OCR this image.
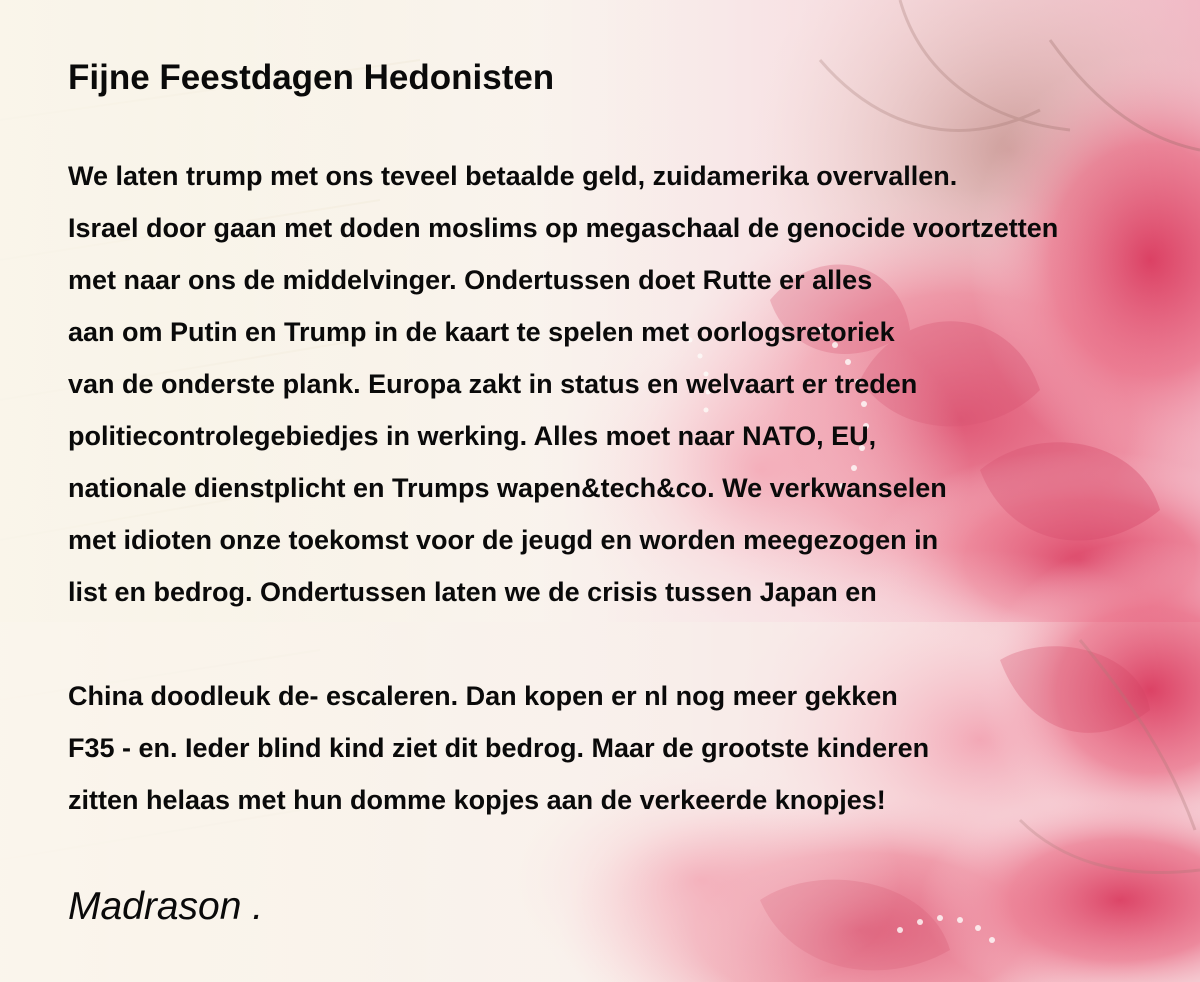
Fijne Feestdagen Hedonisten
We laten trump met ons teveel betaalde geld, zuidamerika overvallen.
Israel door gaan met doden moslims op megaschaal de genocide voortzetten
met naar ons de middelvinger. Ondertussen doet Rutte er alles
aan om Putin en Trump in de kaart te spelen met oorlogsretoriek
van de onderste plank. Europa zakt in status en welvaart er treden
politiecontrolegebiedjes in werking. Alles moet naar NATO, EU,
nationale dienstplicht en Trumps wapen&tech&co. We verkwanselen
met idioten onze toekomst voor de jeugd en worden meegezogen in
list en bedrog. Ondertussen laten we de crisis tussen Japan en
China doodleuk de- escaleren. Dan kopen er nl nog meer gekken
F35 - en. Ieder blind kind ziet dit bedrog. Maar de grootste kinderen
zitten helaas met hun domme kopjes aan de verkeerde knopjes!
Madrason .
